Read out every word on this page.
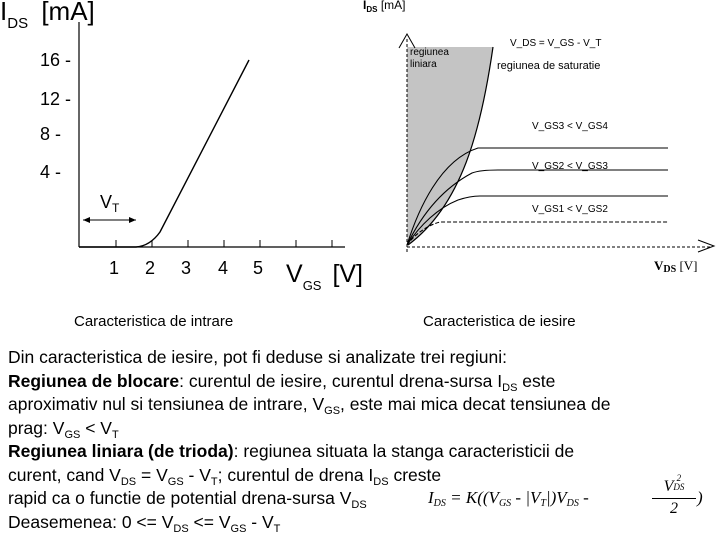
$I_{DS}$ [mA]
16 -
12 -
8 -
4 -
$V_T$
1 2 3 4 5 $V_{GS}$ [V]
Caracteristica de intrare
$I_{DS}$ [mA]
regiunea
liniara
V_DS = V_GS - V_T
regiunea de saturatie
V_GS3 < V_GS4
V_GS2 < V_GS3
V_GS1 < V_GS2
VDS [V]
Caracteristica de iesire
Din caracteristica de iesire, pot fi deduse si analizate trei regiuni:
Regiunea de blocare: curentul de iesire, curentul drena-sursa $I_{DS}$ este
aproximativ nul si tensiunea de intrare, $V_{GS}$, este mai mica decat tensiunea de
prag: $V_{GS} < V_T$
Regiunea liniara (de trioda): regiunea situata la stanga caracteristicii de
curent, cand $V_{DS} = V_{GS} - V_T$; curentul de drena $I_{DS}$ creste
rapid ca o functie de potential drena-sursa $V_{DS}$
Deasemenea: $0 <= V_{DS} <= V_{GS} - V_T$
IDS = K((VGS - |VT|)VDS -	V 2
DS
2 )
